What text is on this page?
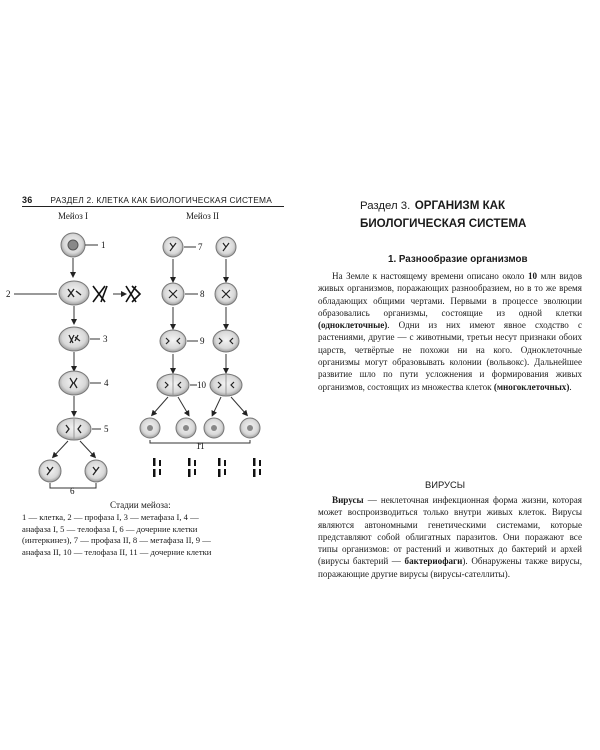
36 РАЗДЕЛ 2. КЛЕТКА КАК БИОЛОГИЧЕСКАЯ СИСТЕМА
Мейоз I	Мейоз II
1
2
3
4
5
6
7
8
9
10
11
Стадии мейоза:
1 — клетка, 2 — профаза I, 3 — метафаза I, 4 —
анафаза I, 5 — телофаза I, 6 — дочерние клетки
(интеркинез), 7 — профаза II, 8 — метафаза II, 9 —
анафаза II, 10 — телофаза II, 11 — дочерние клетки
Раздел 3. ОРГАНИЗМ КАК
БИОЛОГИЧЕСКАЯ СИСТЕМА
1. Разнообразие организмов

На Земле к настоящему времени описано около 10 млн видов живых организмов, поражающих разнообразием, но в то же время обладающих общими чертами. Первыми в процессе эволюции образовались организмы, состоящие из одной клетки (одноклеточные). Одни из них имеют явное сходство с растениями, другие — с животными, третьи несут признаки обоих царств, четвёртые не похожи ни на кого. Одноклеточные организмы могут образовывать колонии (вольвокс). Дальнейшее развитие шло по пути усложнения и формирования живых организмов, состоящих из множества клеток (многоклеточных).

ВИРУСЫ

Вирусы — неклеточная инфекционная форма жизни, которая может воспроизводиться только внутри живых клеток. Вирусы являются автономными генетическими системами, которые представляют собой облигатных паразитов. Они поражают все типы организмов: от растений и животных до бактерий и архей (вирусы бактерий — бактериофаги). Обнаружены также вирусы, поражающие другие вирусы (вирусы-сателлиты).
